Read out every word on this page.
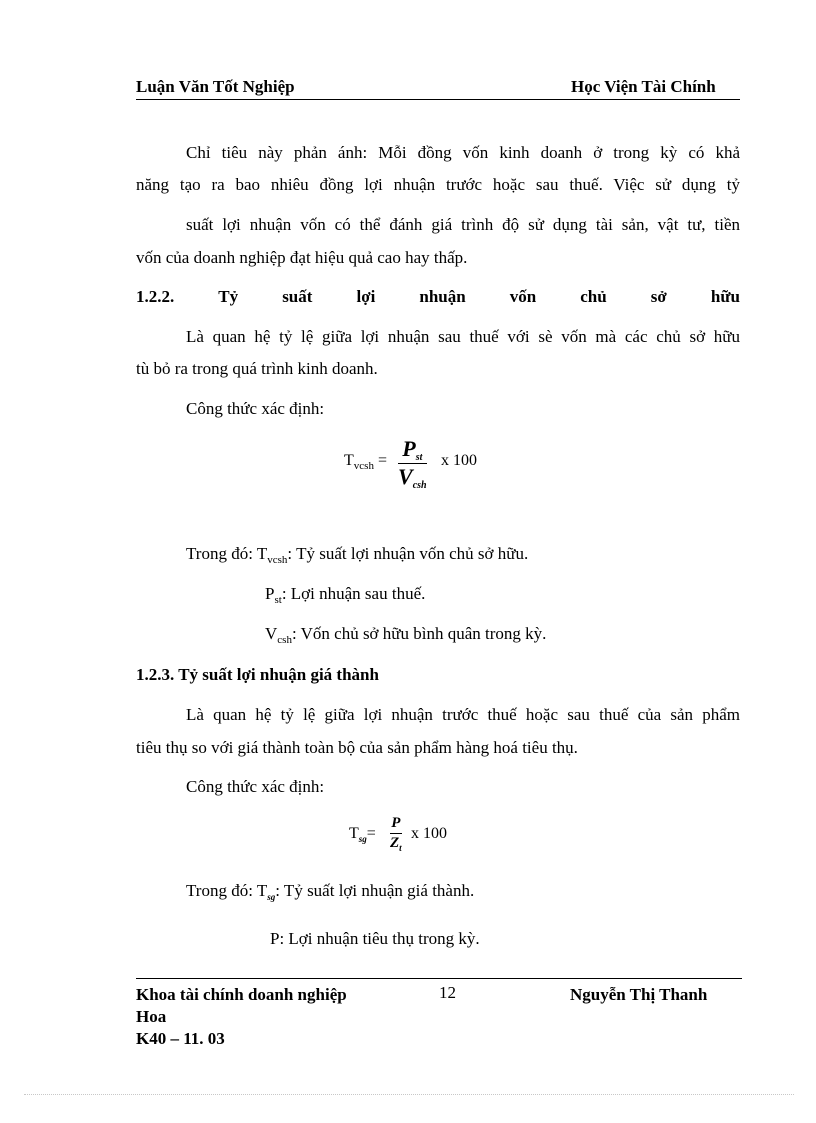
Luận Văn Tốt Nghiệp	Học Viện Tài Chính
Chỉ tiêu này phản ánh: Mỗi đồng vốn kinh doanh ở trong kỳ có khả
năng tạo ra bao nhiêu đồng lợi nhuận trước hoặc sau thuế. Việc sử dụng tỷ
suất lợi nhuận vốn có thể đánh giá trình độ sử dụng tài sản, vật tư, tiền
vốn của doanh nghiệp đạt hiệu quả cao hay thấp.
1.2.2.	Tỷ	suất	lợi	nhuận	vốn	chủ	sở	hữu
Là quan hệ tỷ lệ giữa lợi nhuận sau thuế với sè vốn mà các chủ sở hữu
tù bỏ ra trong quá trình kinh doanh.
Công thức xác định:
$T_{vcsh} = P_{st}$
$V_{csh}$
x 100
Trong đó: $T_{vcsh}$: Tỷ suất lợi nhuận vốn chủ sở hữu.
$P_{st}$: Lợi nhuận sau thuế.
$V_{csh}$: Vốn chủ sở hữu bình quân trong kỳ.
1.2.3. Tỷ suất lợi nhuận giá thành
Là quan hệ tỷ lệ giữa lợi nhuận trước thuế hoặc sau thuế của sản phẩm
tiêu thụ so với giá thành toàn bộ của sản phẩm hàng hoá tiêu thụ.
Công thức xác định:
$T_{sg}=$
P
$Z_t$
x 100
Trong đó: $T_{sg}$: Tỷ suất lợi nhuận giá thành.
P: Lợi nhuận tiêu thụ trong kỳ.
Khoa tài chính doanh nghiệp	12	Nguyễn Thị Thanh
Hoa
K40 – 11. 03
